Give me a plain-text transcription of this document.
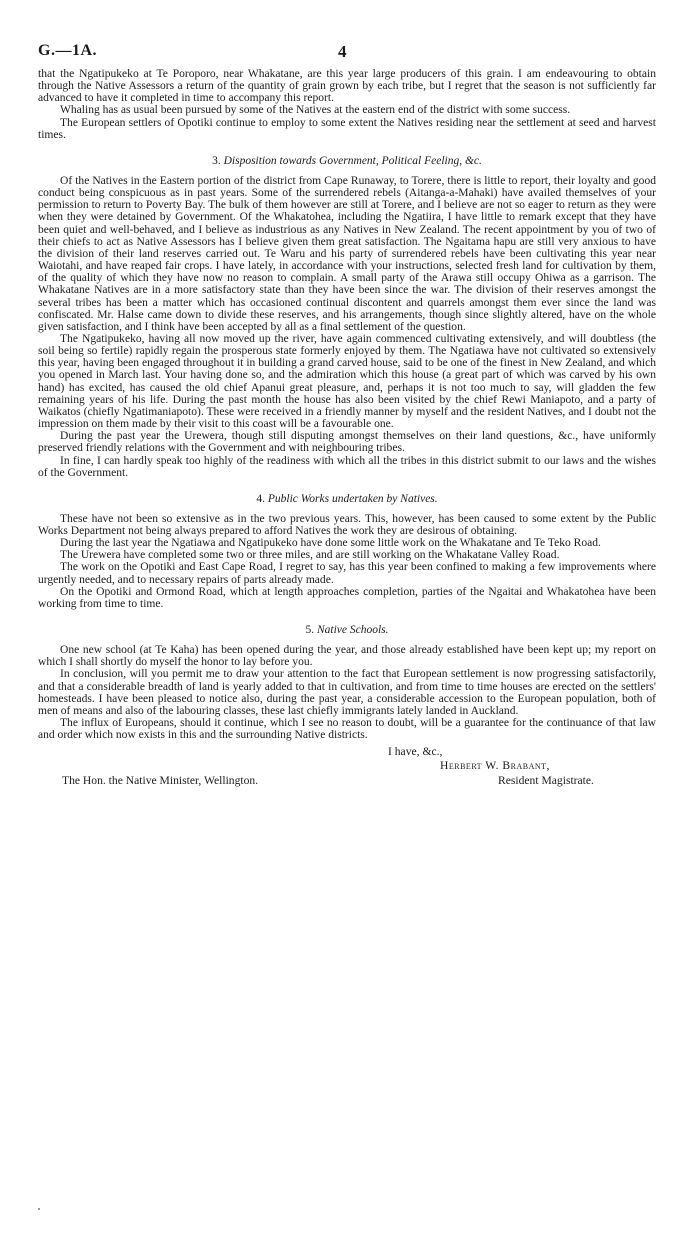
G.—1A.	4

that the Ngatipukeko at Te Poroporo, near Whakatane, are this year large producers of this grain. I am endeavouring to obtain through the Native Assessors a return of the quantity of grain grown by each tribe, but I regret that the season is not sufficiently far advanced to have it completed in time to accompany this report.

Whaling has as usual been pursued by some of the Natives at the eastern end of the district with some success.

The European settlers of Opotiki continue to employ to some extent the Natives residing near the settlement at seed and harvest times.

3. Disposition towards Government, Political Feeling, &c.

Of the Natives in the Eastern portion of the district from Cape Runaway, to Torere, there is little to report, their loyalty and good conduct being conspicuous as in past years. Some of the surrendered rebels (Aitanga-a-Mahaki) have availed themselves of your permission to return to Poverty Bay. The bulk of them however are still at Torere, and I believe are not so eager to return as they were when they were detained by Government. Of the Whakatohea, including the Ngatiira, I have little to remark except that they have been quiet and well-behaved, and I believe as industrious as any Natives in New Zealand. The recent appointment by you of two of their chiefs to act as Native Assessors has I believe given them great satisfaction. The Ngaitama hapu are still very anxious to have the division of their land reserves carried out. Te Waru and his party of surrendered rebels have been cultivating this year near Waiotahi, and have reaped fair crops. I have lately, in accordance with your instructions, selected fresh land for cultivation by them, of the quality of which they have now no reason to complain. A small party of the Arawa still occupy Ohiwa as a garrison. The Whakatane Natives are in a more satisfactory state than they have been since the war. The division of their reserves amongst the several tribes has been a matter which has occasioned continual discontent and quarrels amongst them ever since the land was confiscated. Mr. Halse came down to divide these reserves, and his arrangements, though since slightly altered, have on the whole given satisfaction, and I think have been accepted by all as a final settlement of the question.

The Ngatipukeko, having all now moved up the river, have again commenced cultivating extensively, and will doubtless (the soil being so fertile) rapidly regain the prosperous state formerly enjoyed by them. The Ngatiawa have not cultivated so extensively this year, having been engaged throughout it in building a grand carved house, said to be one of the finest in New Zealand, and which you opened in March last. Your having done so, and the admiration which this house (a great part of which was carved by his own hand) has excited, has caused the old chief Apanui great pleasure, and, perhaps it is not too much to say, will gladden the few remaining years of his life. During the past month the house has also been visited by the chief Rewi Maniapoto, and a party of Waikatos (chiefly Ngatimaniapoto). These were received in a friendly manner by myself and the resident Natives, and I doubt not the impression on them made by their visit to this coast will be a favourable one.

During the past year the Urewera, though still disputing amongst themselves on their land questions, &c., have uniformly preserved friendly relations with the Government and with neighbouring tribes.

In fine, I can hardly speak too highly of the readiness with which all the tribes in this district submit to our laws and the wishes of the Government.

4. Public Works undertaken by Natives.

These have not been so extensive as in the two previous years. This, however, has been caused to some extent by the Public Works Department not being always prepared to afford Natives the work they are desirous of obtaining.

During the last year the Ngatiawa and Ngatipukeko have done some little work on the Whakatane and Te Teko Road.

The Urewera have completed some two or three miles, and are still working on the Whakatane Valley Road.

The work on the Opotiki and East Cape Road, I regret to say, has this year been confined to making a few improvements where urgently needed, and to necessary repairs of parts already made.

On the Opotiki and Ormond Road, which at length approaches completion, parties of the Ngaitai and Whakatohea have been working from time to time.

5. Native Schools.

One new school (at Te Kaha) has been opened during the year, and those already established have been kept up; my report on which I shall shortly do myself the honor to lay before you.

In conclusion, will you permit me to draw your attention to the fact that European settlement is now progressing satisfactorily, and that a considerable breadth of land is yearly added to that in cultivation, and from time to time houses are erected on the settlers' homesteads. I have been pleased to notice also, during the past year, a considerable accession to the European population, both of men of means and also of the labouring classes, these last chiefly immigrants lately landed in Auckland.

The influx of Europeans, should it continue, which I see no reason to doubt, will be a guarantee for the continuance of that law and order which now exists in this and the surrounding Native districts.

I have, &c.,
Herbert W. Brabant,
Resident Magistrate.
The Hon. the Native Minister, Wellington.
